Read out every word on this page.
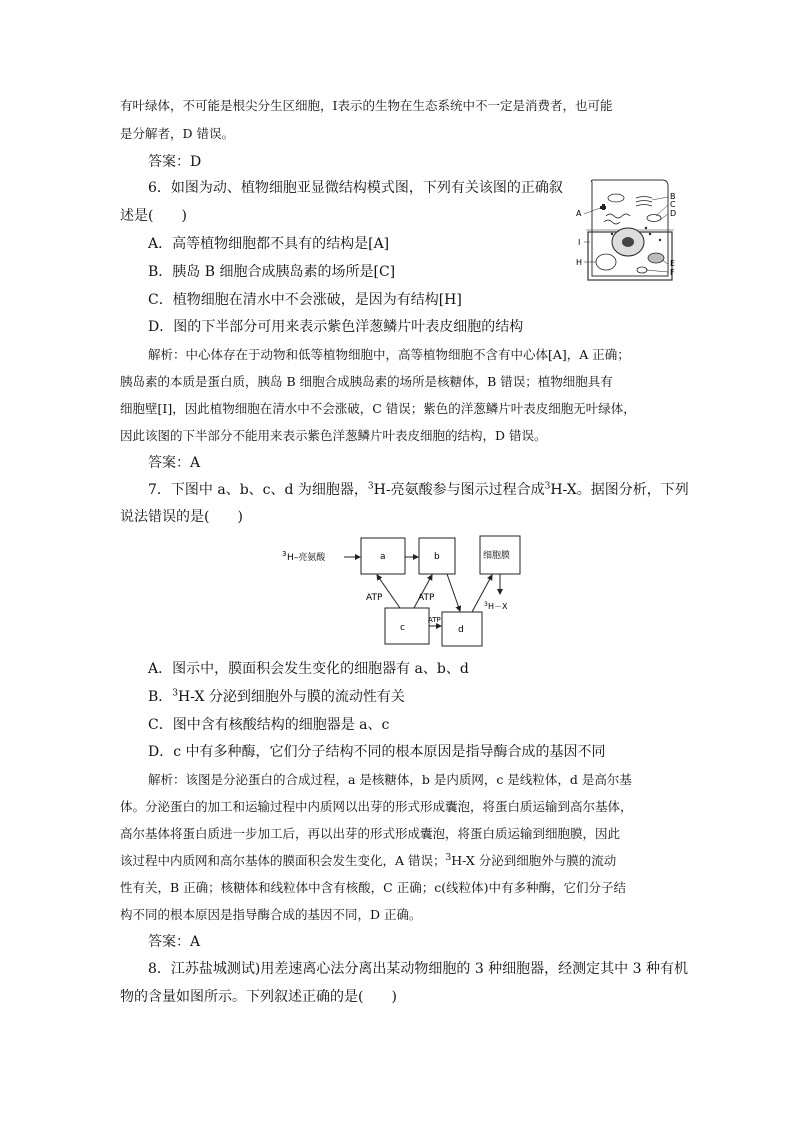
有叶绿体，不可能是根尖分生区细胞，Ⅰ表示的生物在生态系统中不一定是消费者，也可能
是分解者，D 错误。
答案：D
6．如图为动、植物细胞亚显微结构模式图，下列有关该图的正确叙
述是(　　)
A．高等植物细胞都不具有的结构是[A]
B．胰岛 B 细胞合成胰岛素的场所是[C]
C．植物细胞在清水中不会涨破，是因为有结构[H]
D．图的下半部分可用来表示紫色洋葱鳞片叶表皮细胞的结构
A
B
C
D
I
H	E
F
解析：中心体存在于动物和低等植物细胞中，高等植物细胞不含有中心体[A]，A 正确；
胰岛素的本质是蛋白质，胰岛 B 细胞合成胰岛素的场所是核糖体，B 错误；植物细胞具有
细胞壁[I]，因此植物细胞在清水中不会涨破，C 错误；紫色的洋葱鳞片叶表皮细胞无叶绿体，
因此该图的下半部分不能用来表示紫色洋葱鳞片叶表皮细胞的结构，D 错误。
答案：A
7．下图中 a、b、c、d 为细胞器，$^3$H-亮氨酸参与图示过程合成$^3$H-X。据图分析，下列
说法错误的是(　　)
3 H–亮氨酸	a	b	细胞膜
3 H－X
c	d
ATP	ATP
ATP
A．图示中，膜面积会发生变化的细胞器有 a、b、d
B．$^3$H-X 分泌到细胞外与膜的流动性有关
C．图中含有核酸结构的细胞器是 a、c
D．c 中有多种酶，它们分子结构不同的根本原因是指导酶合成的基因不同
解析：该图是分泌蛋白的合成过程，a 是核糖体，b 是内质网，c 是线粒体，d 是高尔基
体。分泌蛋白的加工和运输过程中内质网以出芽的形式形成囊泡，将蛋白质运输到高尔基体，
高尔基体将蛋白质进一步加工后，再以出芽的形式形成囊泡，将蛋白质运输到细胞膜，因此
该过程中内质网和高尔基体的膜面积会发生变化，A 错误；$^3$H-X 分泌到细胞外与膜的流动
性有关，B 正确；核糖体和线粒体中含有核酸，C 正确；c(线粒体)中有多种酶，它们分子结
构不同的根本原因是指导酶合成的基因不同，D 正确。
答案：A
8．江苏盐城测试)用差速离心法分离出某动物细胞的 3 种细胞器，经测定其中 3 种有机
物的含量如图所示。下列叙述正确的是(　　)
